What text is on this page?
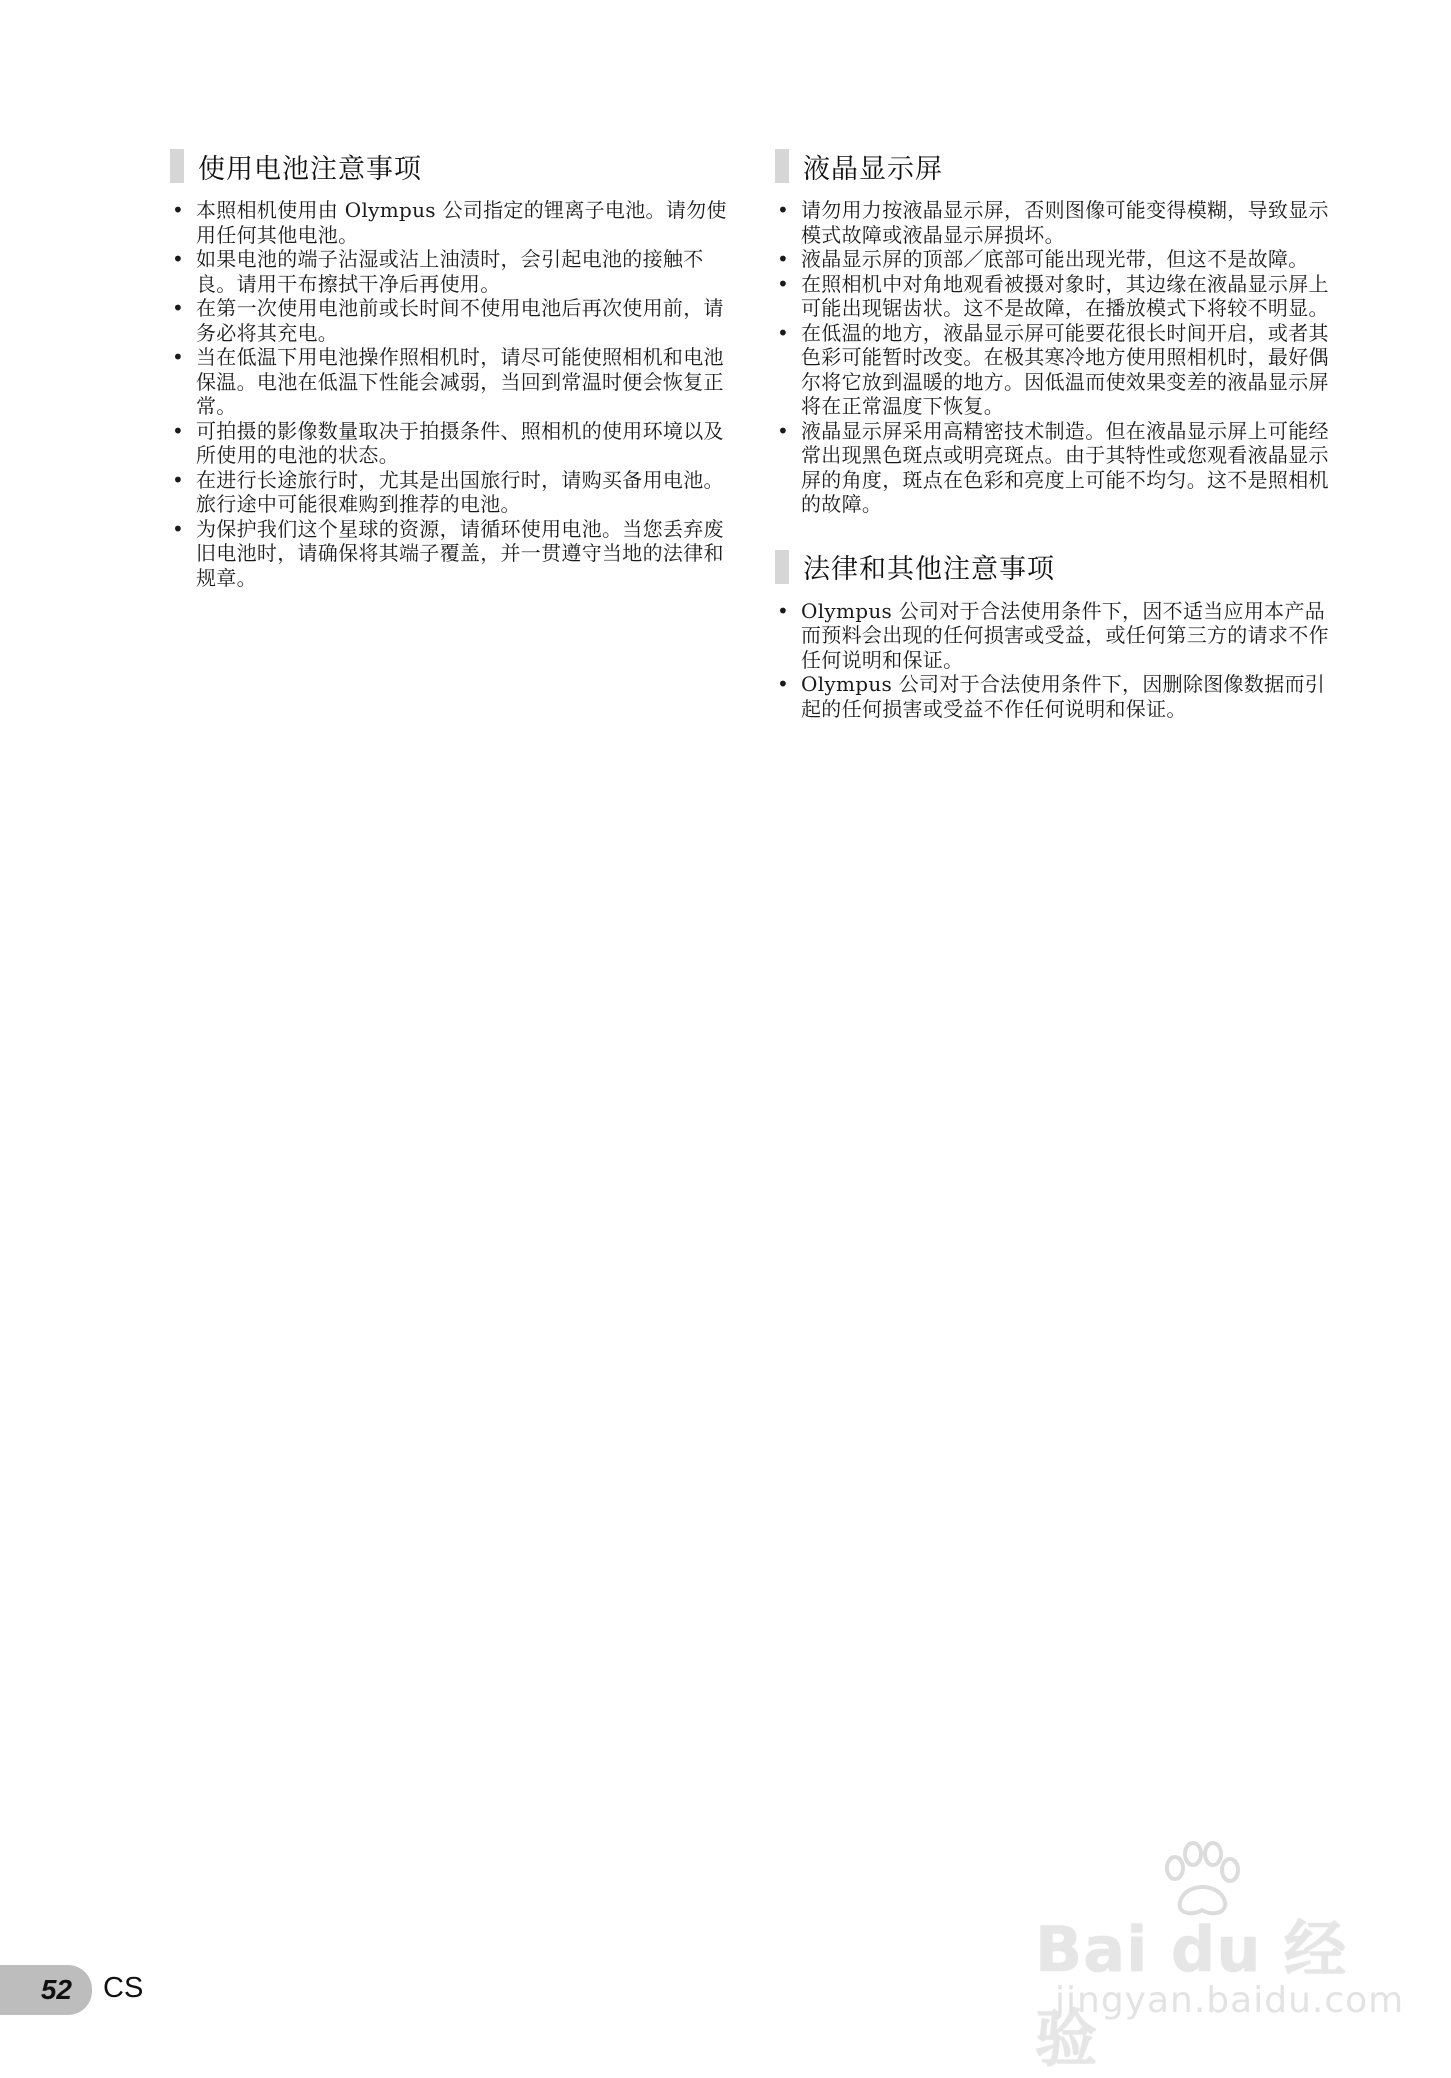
使用电池注意事项
• 本照相机使用由 Olympus 公司指定的锂离子电池。请勿使用任何其他电池。
• 如果电池的端子沾湿或沾上油渍时，会引起电池的接触不良。请用干布擦拭干净后再使用。
• 在第一次使用电池前或长时间不使用电池后再次使用前，请务必将其充电。
• 当在低温下用电池操作照相机时，请尽可能使照相机和电池保温。电池在低温下性能会减弱，当回到常温时便会恢复正常。
• 可拍摄的影像数量取决于拍摄条件、照相机的使用环境以及所使用的电池的状态。
• 在进行长途旅行时，尤其是出国旅行时，请购买备用电池。旅行途中可能很难购到推荐的电池。
• 为保护我们这个星球的资源，请循环使用电池。当您丢弃废旧电池时，请确保将其端子覆盖，并一贯遵守当地的法律和规章。
液晶显示屏
• 请勿用力按液晶显示屏，否则图像可能变得模糊，导致显示模式故障或液晶显示屏损坏。
• 液晶显示屏的顶部／底部可能出现光带，但这不是故障。
• 在照相机中对角地观看被摄对象时，其边缘在液晶显示屏上可能出现锯齿状。这不是故障，在播放模式下将较不明显。
• 在低温的地方，液晶显示屏可能要花很长时间开启，或者其色彩可能暂时改变。在极其寒冷地方使用照相机时，最好偶尔将它放到温暖的地方。因低温而使效果变差的液晶显示屏将在正常温度下恢复。
• 液晶显示屏采用高精密技术制造。但在液晶显示屏上可能经常出现黑色斑点或明亮斑点。由于其特性或您观看液晶显示屏的角度，斑点在色彩和亮度上可能不均匀。这不是照相机的故障。
法律和其他注意事项
• Olympus 公司对于合法使用条件下，因不适当应用本产品而预料会出现的任何损害或受益，或任何第三方的请求不作任何说明和保证。
• Olympus 公司对于合法使用条件下，因删除图像数据而引起的任何损害或受益不作任何说明和保证。
52 CS
Bai du 经验
jingyan.baidu.com
